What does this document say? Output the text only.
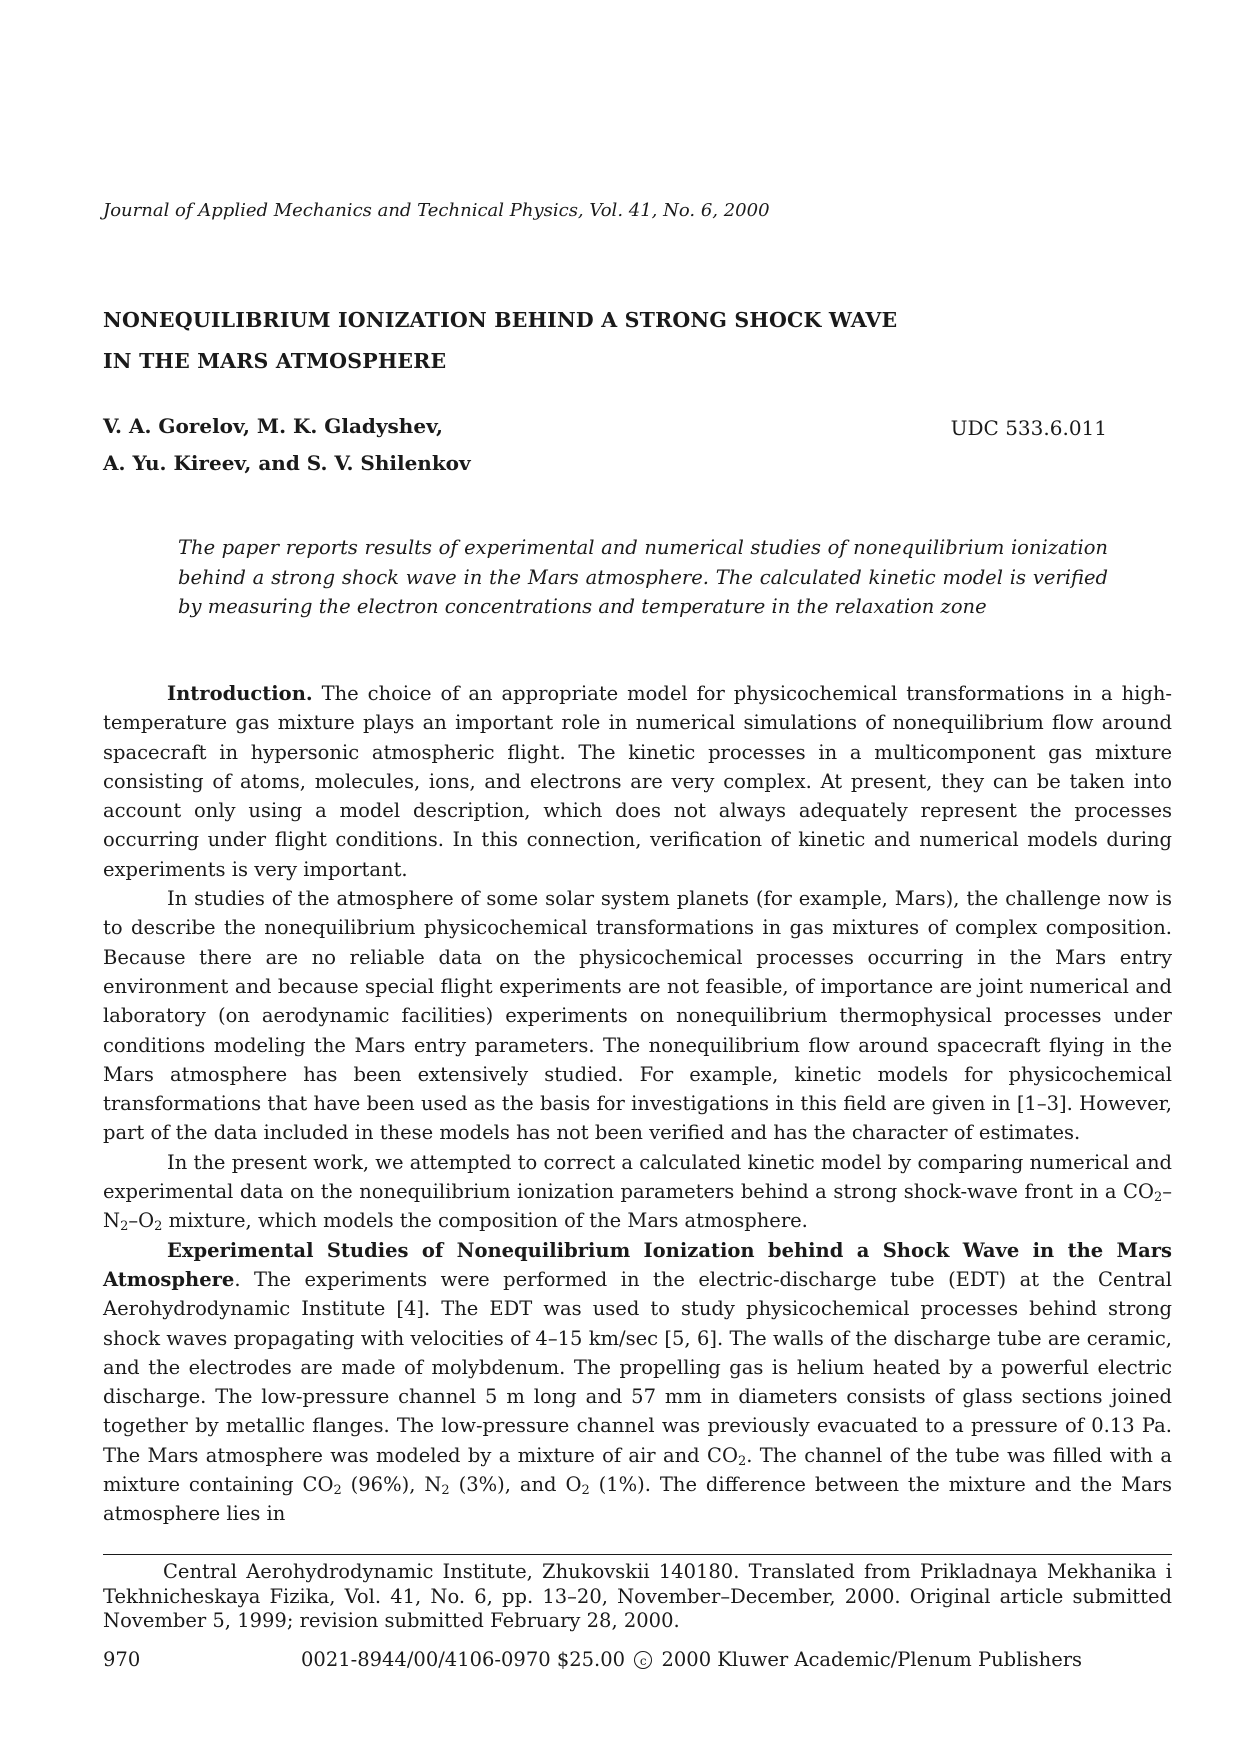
Journal of Applied Mechanics and Technical Physics, Vol. 41, No. 6, 2000
NONEQUILIBRIUM IONIZATION BEHIND A STRONG SHOCK WAVE
IN THE MARS ATMOSPHERE
V. A. Gorelov, M. K. Gladyshev,
A. Yu. Kireev, and S. V. Shilenkov
UDC 533.6.011
The paper reports results of experimental and numerical studies of nonequilibrium ionization behind a strong shock wave in the Mars atmosphere. The calculated kinetic model is verified by measuring the electron concentrations and temperature in the relaxation zone

Introduction. The choice of an appropriate model for physicochemical transformations in a high-temperature gas mixture plays an important role in numerical simulations of nonequilibrium flow around spacecraft in hypersonic atmospheric flight. The kinetic processes in a multicomponent gas mixture consisting of atoms, molecules, ions, and electrons are very complex. At present, they can be taken into account only using a model description, which does not always adequately represent the processes occurring under flight conditions. In this connection, verification of kinetic and numerical models during experiments is very important.

In studies of the atmosphere of some solar system planets (for example, Mars), the challenge now is to describe the nonequilibrium physicochemical transformations in gas mixtures of complex composition. Because there are no reliable data on the physicochemical processes occurring in the Mars entry environment and because special flight experiments are not feasible, of importance are joint numerical and laboratory (on aerodynamic facilities) experiments on nonequilibrium thermophysical processes under conditions modeling the Mars entry parameters. The nonequilibrium flow around spacecraft flying in the Mars atmosphere has been extensively studied. For example, kinetic models for physicochemical transformations that have been used as the basis for investigations in this field are given in [1–3]. However, part of the data included in these models has not been verified and has the character of estimates.

In the present work, we attempted to correct a calculated kinetic model by comparing numerical and experimental data on the nonequilibrium ionization parameters behind a strong shock-wave front in a $CO_2-N_2-O_2$ mixture, which models the composition of the Mars atmosphere.

Experimental Studies of Nonequilibrium Ionization behind a Shock Wave in the Mars Atmosphere. The experiments were performed in the electric-discharge tube (EDT) at the Central Aerohydrodynamic Institute [4]. The EDT was used to study physicochemical processes behind strong shock waves propagating with velocities of 4–15 km/sec [5, 6]. The walls of the discharge tube are ceramic, and the electrodes are made of molybdenum. The propelling gas is helium heated by a powerful electric discharge. The low-pressure channel 5 m long and 57 mm in diameters consists of glass sections joined together by metallic flanges. The low-pressure channel was previously evacuated to a pressure of 0.13 Pa. The Mars atmosphere was modeled by a mixture of air and $CO_2$. The channel of the tube was filled with a mixture containing $CO_2$ (96%), $N_2$ (3%), and $O_2$ (1%). The difference between the mixture and the Mars atmosphere lies in

Central Aerohydrodynamic Institute, Zhukovskii 140180. Translated from Prikladnaya Mekhanika i Tekhnicheskaya Fizika, Vol. 41, No. 6, pp. 13–20, November–December, 2000. Original article submitted November 5, 1999; revision submitted February 28, 2000.
970	0021-8944/00/4106-0970 $25.00 c 2000 Kluwer Academic/Plenum Publishers
